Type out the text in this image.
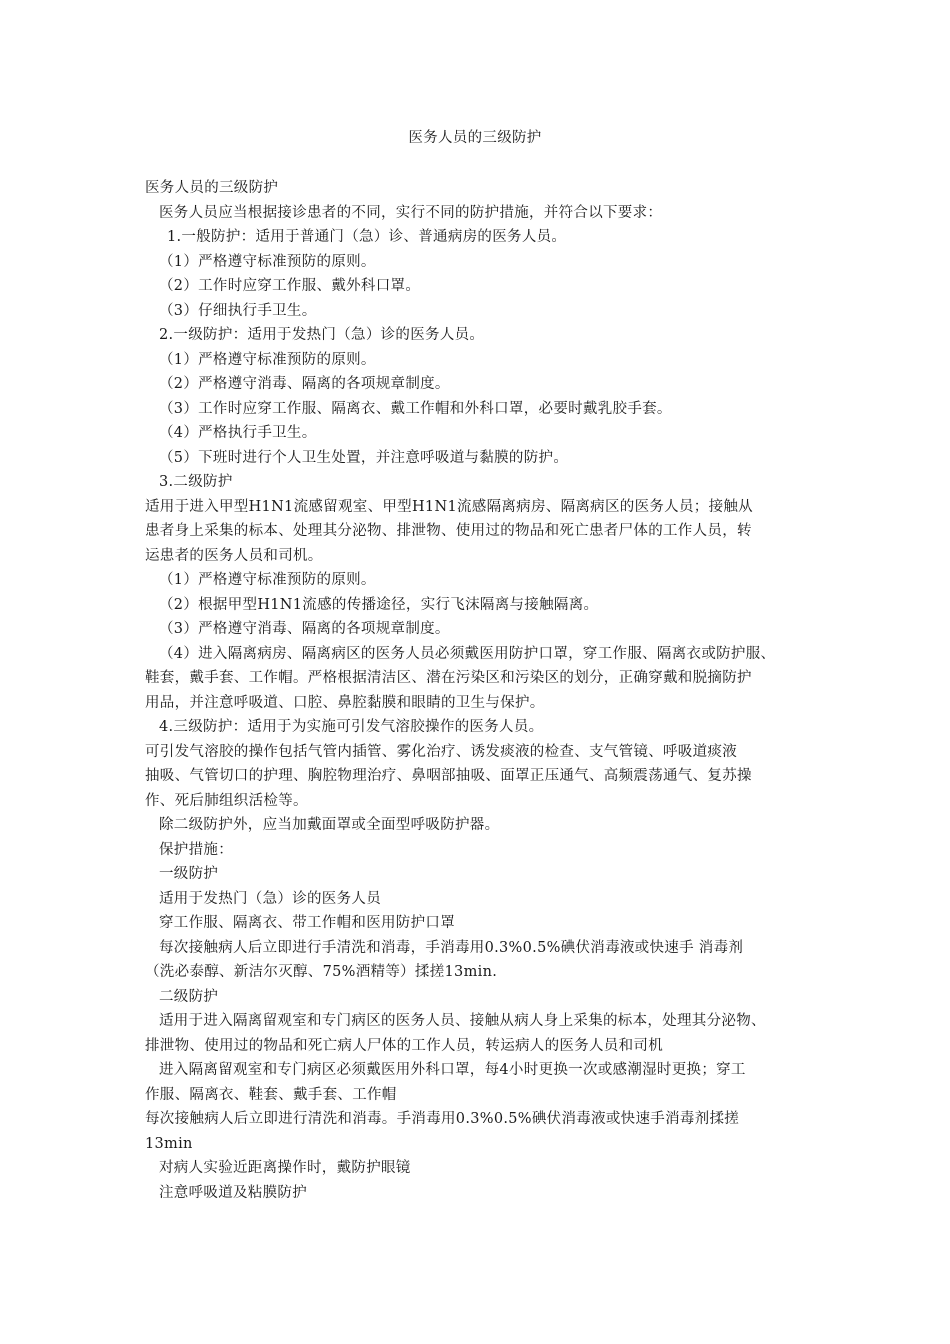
医务人员的三级防护
医务人员的三级防护
医务人员应当根据接诊患者的不同，实行不同的防护措施，并符合以下要求：
1.一般防护：适用于普通门（急）诊、普通病房的医务人员。
（1）严格遵守标准预防的原则。
（2）工作时应穿工作服、戴外科口罩。
（3）仔细执行手卫生。
2.一级防护：适用于发热门（急）诊的医务人员。
（1）严格遵守标准预防的原则。
（2）严格遵守消毒、隔离的各项规章制度。
（3）工作时应穿工作服、隔离衣、戴工作帽和外科口罩，必要时戴乳胶手套。
（4）严格执行手卫生。
（5）下班时进行个人卫生处置，并注意呼吸道与黏膜的防护。
3.二级防护
适用于进入甲型H1N1流感留观室、甲型H1N1流感隔离病房、隔离病区的医务人员；接触从
患者身上采集的标本、处理其分泌物、排泄物、使用过的物品和死亡患者尸体的工作人员，转
运患者的医务人员和司机。
（1）严格遵守标准预防的原则。
（2）根据甲型H1N1流感的传播途径，实行飞沫隔离与接触隔离。
（3）严格遵守消毒、隔离的各项规章制度。
（4）进入隔离病房、隔离病区的医务人员必须戴医用防护口罩，穿工作服、隔离衣或防护服、
鞋套，戴手套、工作帽。严格根据清洁区、潜在污染区和污染区的划分，正确穿戴和脱摘防护
用品，并注意呼吸道、口腔、鼻腔黏膜和眼睛的卫生与保护。
4.三级防护：适用于为实施可引发气溶胶操作的医务人员。
可引发气溶胶的操作包括气管内插管、雾化治疗、诱发痰液的检查、支气管镜、呼吸道痰液
抽吸、气管切口的护理、胸腔物理治疗、鼻咽部抽吸、面罩正压通气、高频震荡通气、复苏操
作、死后肺组织活检等。
除二级防护外，应当加戴面罩或全面型呼吸防护器。
保护措施：
一级防护
适用于发热门（急）诊的医务人员
穿工作服、隔离衣、带工作帽和医用防护口罩
每次接触病人后立即进行手清洗和消毒，手消毒用0.3%0.5%碘伏消毒液或快速手 消毒剂
（洗必泰醇、新洁尔灭醇、75%酒精等）揉搓13min.
二级防护
适用于进入隔离留观室和专门病区的医务人员、接触从病人身上采集的标本，处理其分泌物、
排泄物、使用过的物品和死亡病人尸体的工作人员，转运病人的医务人员和司机
进入隔离留观室和专门病区必须戴医用外科口罩，每4小时更换一次或感潮湿时更换；穿工
作服、隔离衣、鞋套、戴手套、工作帽
每次接触病人后立即进行清洗和消毒。手消毒用0.3%0.5%碘伏消毒液或快速手消毒剂揉搓
13min
对病人实验近距离操作时，戴防护眼镜
注意呼吸道及粘膜防护
